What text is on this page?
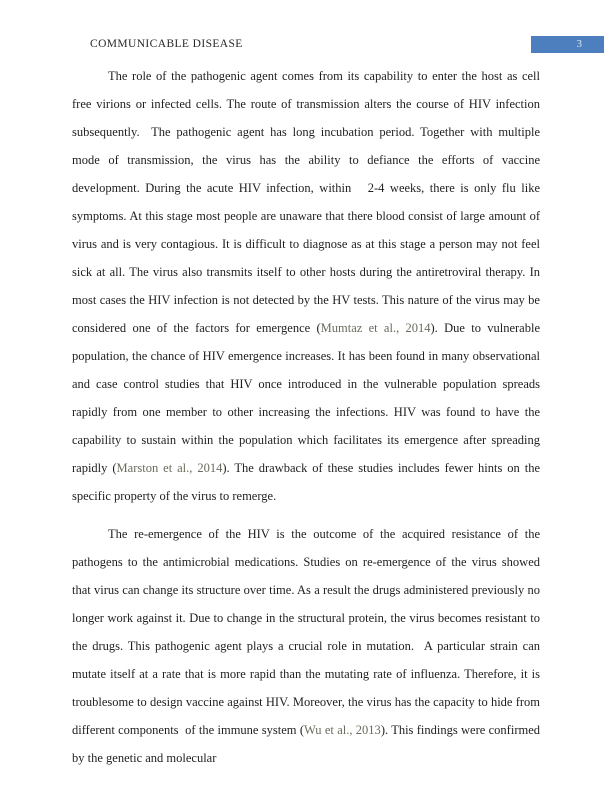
COMMUNICABLE DISEASE	3

The role of the pathogenic agent comes from its capability to enter the host as cell free virions or infected cells. The route of transmission alters the course of HIV infection subsequently.  The pathogenic agent has long incubation period. Together with multiple mode of transmission, the virus has the ability to defiance the efforts of vaccine development. During the acute HIV infection, within   2-4 weeks, there is only flu like symptoms. At this stage most people are unaware that there blood consist of large amount of virus and is very contagious. It is difficult to diagnose as at this stage a person may not feel sick at all. The virus also transmits itself to other hosts during the antiretroviral therapy. In most cases the HIV infection is not detected by the HV tests. This nature of the virus may be considered one of the factors for emergence (Mumtaz et al., 2014). Due to vulnerable population, the chance of HIV emergence increases. It has been found in many observational and case control studies that HIV once introduced in the vulnerable population spreads rapidly from one member to other increasing the infections. HIV was found to have the capability to sustain within the population which facilitates its emergence after spreading rapidly (Marston et al., 2014). The drawback of these studies includes fewer hints on the specific property of the virus to remerge.

The re-emergence of the HIV is the outcome of the acquired resistance of the pathogens to the antimicrobial medications. Studies on re-emergence of the virus showed that virus can change its structure over time. As a result the drugs administered previously no longer work against it. Due to change in the structural protein, the virus becomes resistant to the drugs. This pathogenic agent plays a crucial role in mutation.  A particular strain can mutate itself at a rate that is more rapid than the mutating rate of influenza. Therefore, it is troublesome to design vaccine against HIV. Moreover, the virus has the capacity to hide from different components  of the immune system (Wu et al., 2013). This findings were confirmed by the genetic and molecular
